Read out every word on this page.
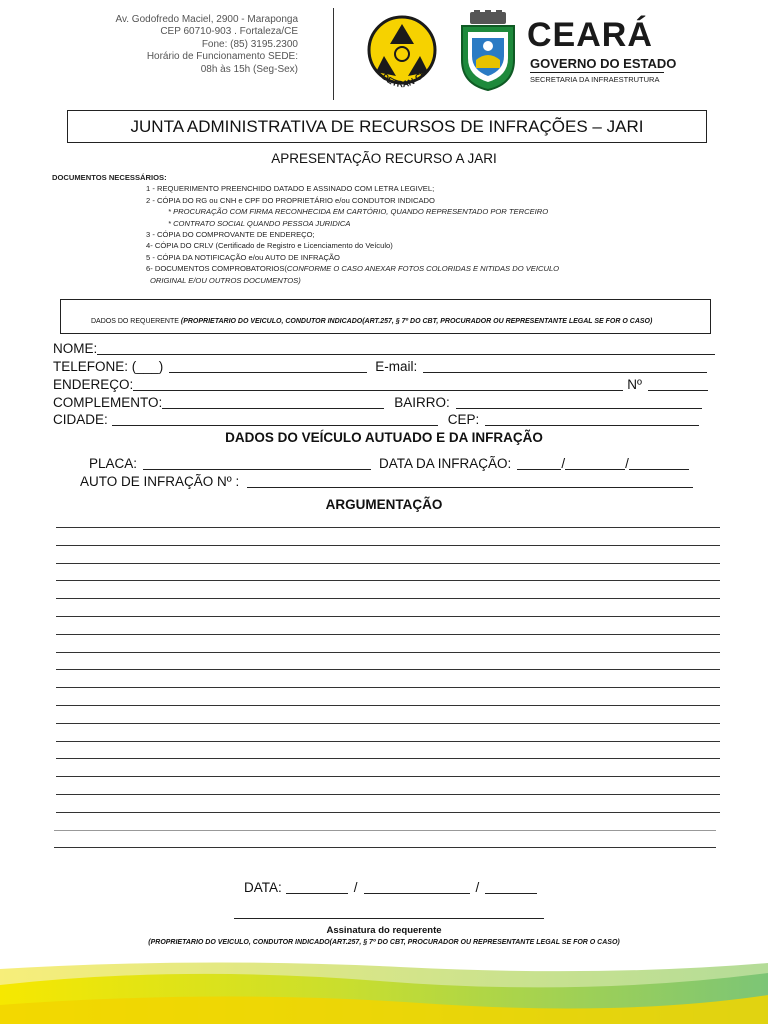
Av. Godofredo Maciel, 2900 - Maraponga
CEP 60710-903 . Fortaleza/CE
Fone: (85) 3195.2300
Horário de Funcionamento SEDE:
08h às 15h (Seg-Sex)
DETRAN-CE
CEARÁ
GOVERNO DO ESTADO
SECRETARIA DA INFRAESTRUTURA
JUNTA ADMINISTRATIVA DE RECURSOS DE INFRAÇÕES – JARI
APRESENTAÇÃO RECURSO A JARI
DOCUMENTOS NECESSÁRIOS:
1 - REQUERIMENTO PREENCHIDO DATADO E ASSINADO COM LETRA LEGIVEL;
2 - CÓPIA DO RG ou CNH e CPF DO PROPRIETÁRIO e/ou CONDUTOR INDICADO
* PROCURAÇÃO COM FIRMA RECONHECIDA EM CARTÓRIO, QUANDO REPRESENTADO POR TERCEIRO
* CONTRATO SOCIAL QUANDO PESSOA JURIDICA
3 - CÓPIA DO COMPROVANTE DE ENDEREÇO;
4- CÓPIA DO CRLV (Certificado de Registro e Licenciamento do Veículo)
5 - CÓPIA DA NOTIFICAÇÃO e/ou AUTO DE INFRAÇÃO
6- DOCUMENTOS COMPROBATORIOS(CONFORME O CASO ANEXAR FOTOS COLORIDAS E NITIDAS DO VEICULO
ORIGINAL E/OU OUTROS DOCUMENTOS)
DADOS DO REQUERENTE (PROPRIETARIO DO VEICULO, CONDUTOR INDICADO(ART.257, § 7º DO CBT, PROCURADOR OU REPRESENTANTE LEGAL SE FOR O CASO)
NOME:
TELEFONE: (___)	E-mail:
ENDEREÇO:	Nº
COMPLEMENTO:	BAIRRO:
CIDADE:	CEP:
DADOS DO VEÍCULO AUTUADO E DA INFRAÇÃO
PLACA:	DATA DA INFRAÇÃO:	/	/
AUTO DE INFRAÇÃO Nº :
ARGUMENTAÇÃO
DATA:	/	/
Assinatura do requerente
(PROPRIETARIO DO VEICULO, CONDUTOR INDICADO(ART.257, § 7º DO CBT, PROCURADOR OU REPRESENTANTE LEGAL SE FOR O CASO)
